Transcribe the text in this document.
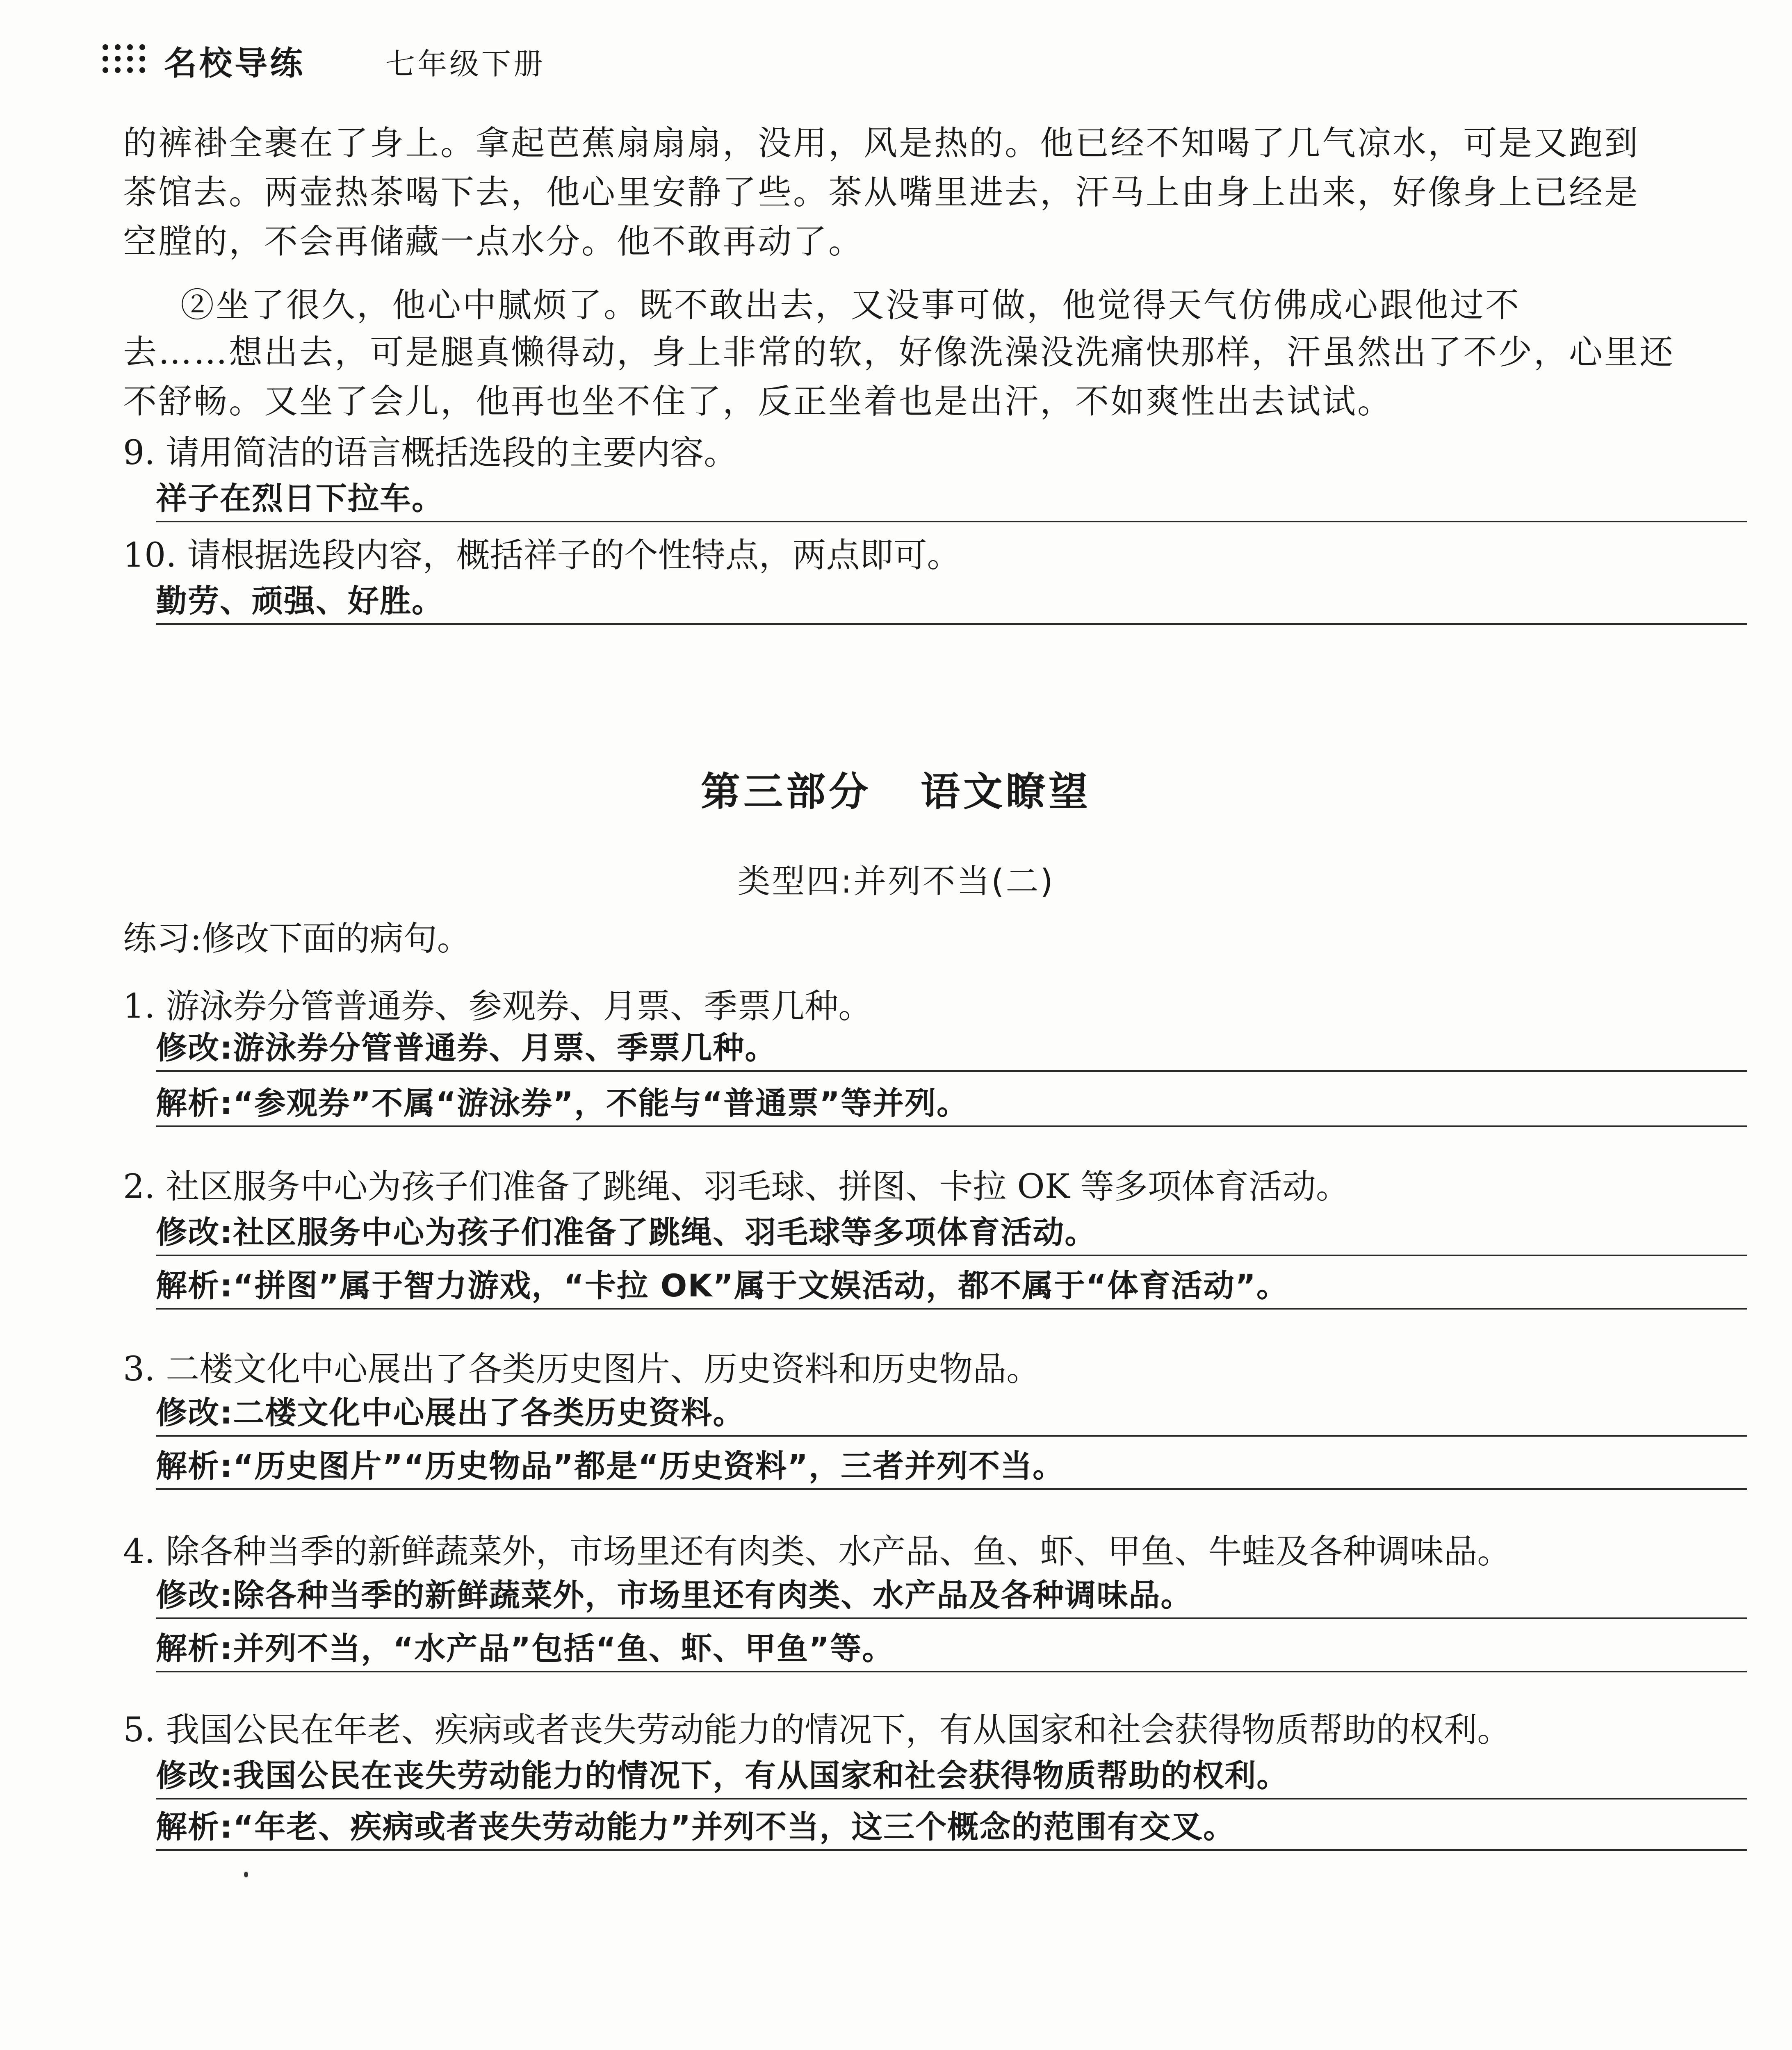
名校导练	七年级下册
的裤褂全裹在了身上。拿起芭蕉扇扇扇，没用，风是热的。他已经不知喝了几气凉水，可是又跑到
茶馆去。两壶热茶喝下去，他心里安静了些。茶从嘴里进去，汗马上由身上出来，好像身上已经是
空膛的，不会再储藏一点水分。他不敢再动了。
②坐了很久，他心中腻烦了。既不敢出去，又没事可做，他觉得天气仿佛成心跟他过不
去……想出去，可是腿真懒得动，身上非常的软，好像洗澡没洗痛快那样，汗虽然出了不少，心里还
不舒畅。又坐了会儿，他再也坐不住了，反正坐着也是出汗，不如爽性出去试试。
9. 请用简洁的语言概括选段的主要内容。
祥子在烈日下拉车。
10. 请根据选段内容，概括祥子的个性特点，两点即可。
勤劳、顽强、好胜。
第三部分 语文瞭望
类型四:并列不当(二)
练习:修改下面的病句。
1. 游泳券分管普通券、参观券、月票、季票几种。
修改:游泳券分管普通券、月票、季票几种。
解析:“参观券”不属“游泳券”，不能与“普通票”等并列。
2. 社区服务中心为孩子们准备了跳绳、羽毛球、拼图、卡拉 OK 等多项体育活动。
修改:社区服务中心为孩子们准备了跳绳、羽毛球等多项体育活动。
解析:“拼图”属于智力游戏，“卡拉 OK”属于文娱活动，都不属于“体育活动”。
3. 二楼文化中心展出了各类历史图片、历史资料和历史物品。
修改:二楼文化中心展出了各类历史资料。
解析:“历史图片”“历史物品”都是“历史资料”，三者并列不当。
4. 除各种当季的新鲜蔬菜外，市场里还有肉类、水产品、鱼、虾、甲鱼、牛蛙及各种调味品。
修改:除各种当季的新鲜蔬菜外，市场里还有肉类、水产品及各种调味品。
解析:并列不当，“水产品”包括“鱼、虾、甲鱼”等。
5. 我国公民在年老、疾病或者丧失劳动能力的情况下，有从国家和社会获得物质帮助的权利。
修改:我国公民在丧失劳动能力的情况下，有从国家和社会获得物质帮助的权利。
解析:“年老、疾病或者丧失劳动能力”并列不当，这三个概念的范围有交叉。
